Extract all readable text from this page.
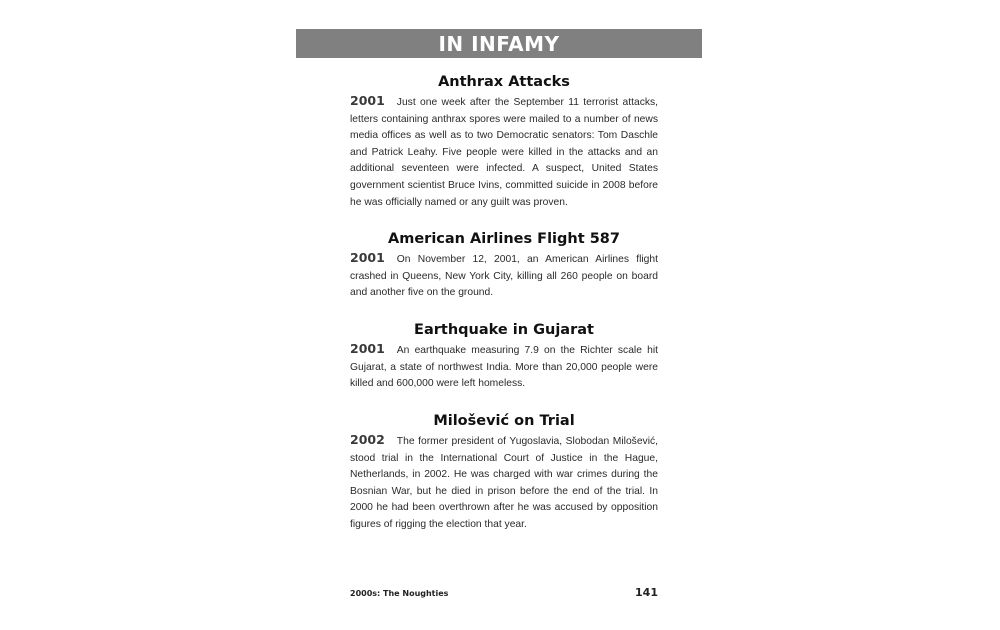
IN INFAMY
Anthrax Attacks

2001 Just one week after the September 11 terrorist attacks, letters containing anthrax spores were mailed to a number of news media offices as well as to two Democratic senators: Tom Daschle and Patrick Leahy. Five people were killed in the attacks and an additional seventeen were infected. A suspect, United States government scientist Bruce Ivins, committed suicide in 2008 before he was officially named or any guilt was proven.

American Airlines Flight 587

2001 On November 12, 2001, an American Airlines flight crashed in Queens, New York City, killing all 260 people on board and another five on the ground.

Earthquake in Gujarat

2001 An earthquake measuring 7.9 on the Richter scale hit Gujarat, a state of northwest India. More than 20,000 people were killed and 600,000 were left homeless.

Milošević on Trial

2002 The former president of Yugoslavia, Slobodan Milošević, stood trial in the International Court of Justice in the Hague, Netherlands, in 2002. He was charged with war crimes during the Bosnian War, but he died in prison before the end of the trial. In 2000 he had been overthrown after he was accused by opposition figures of rigging the election that year.

2000s: The Noughties	141
